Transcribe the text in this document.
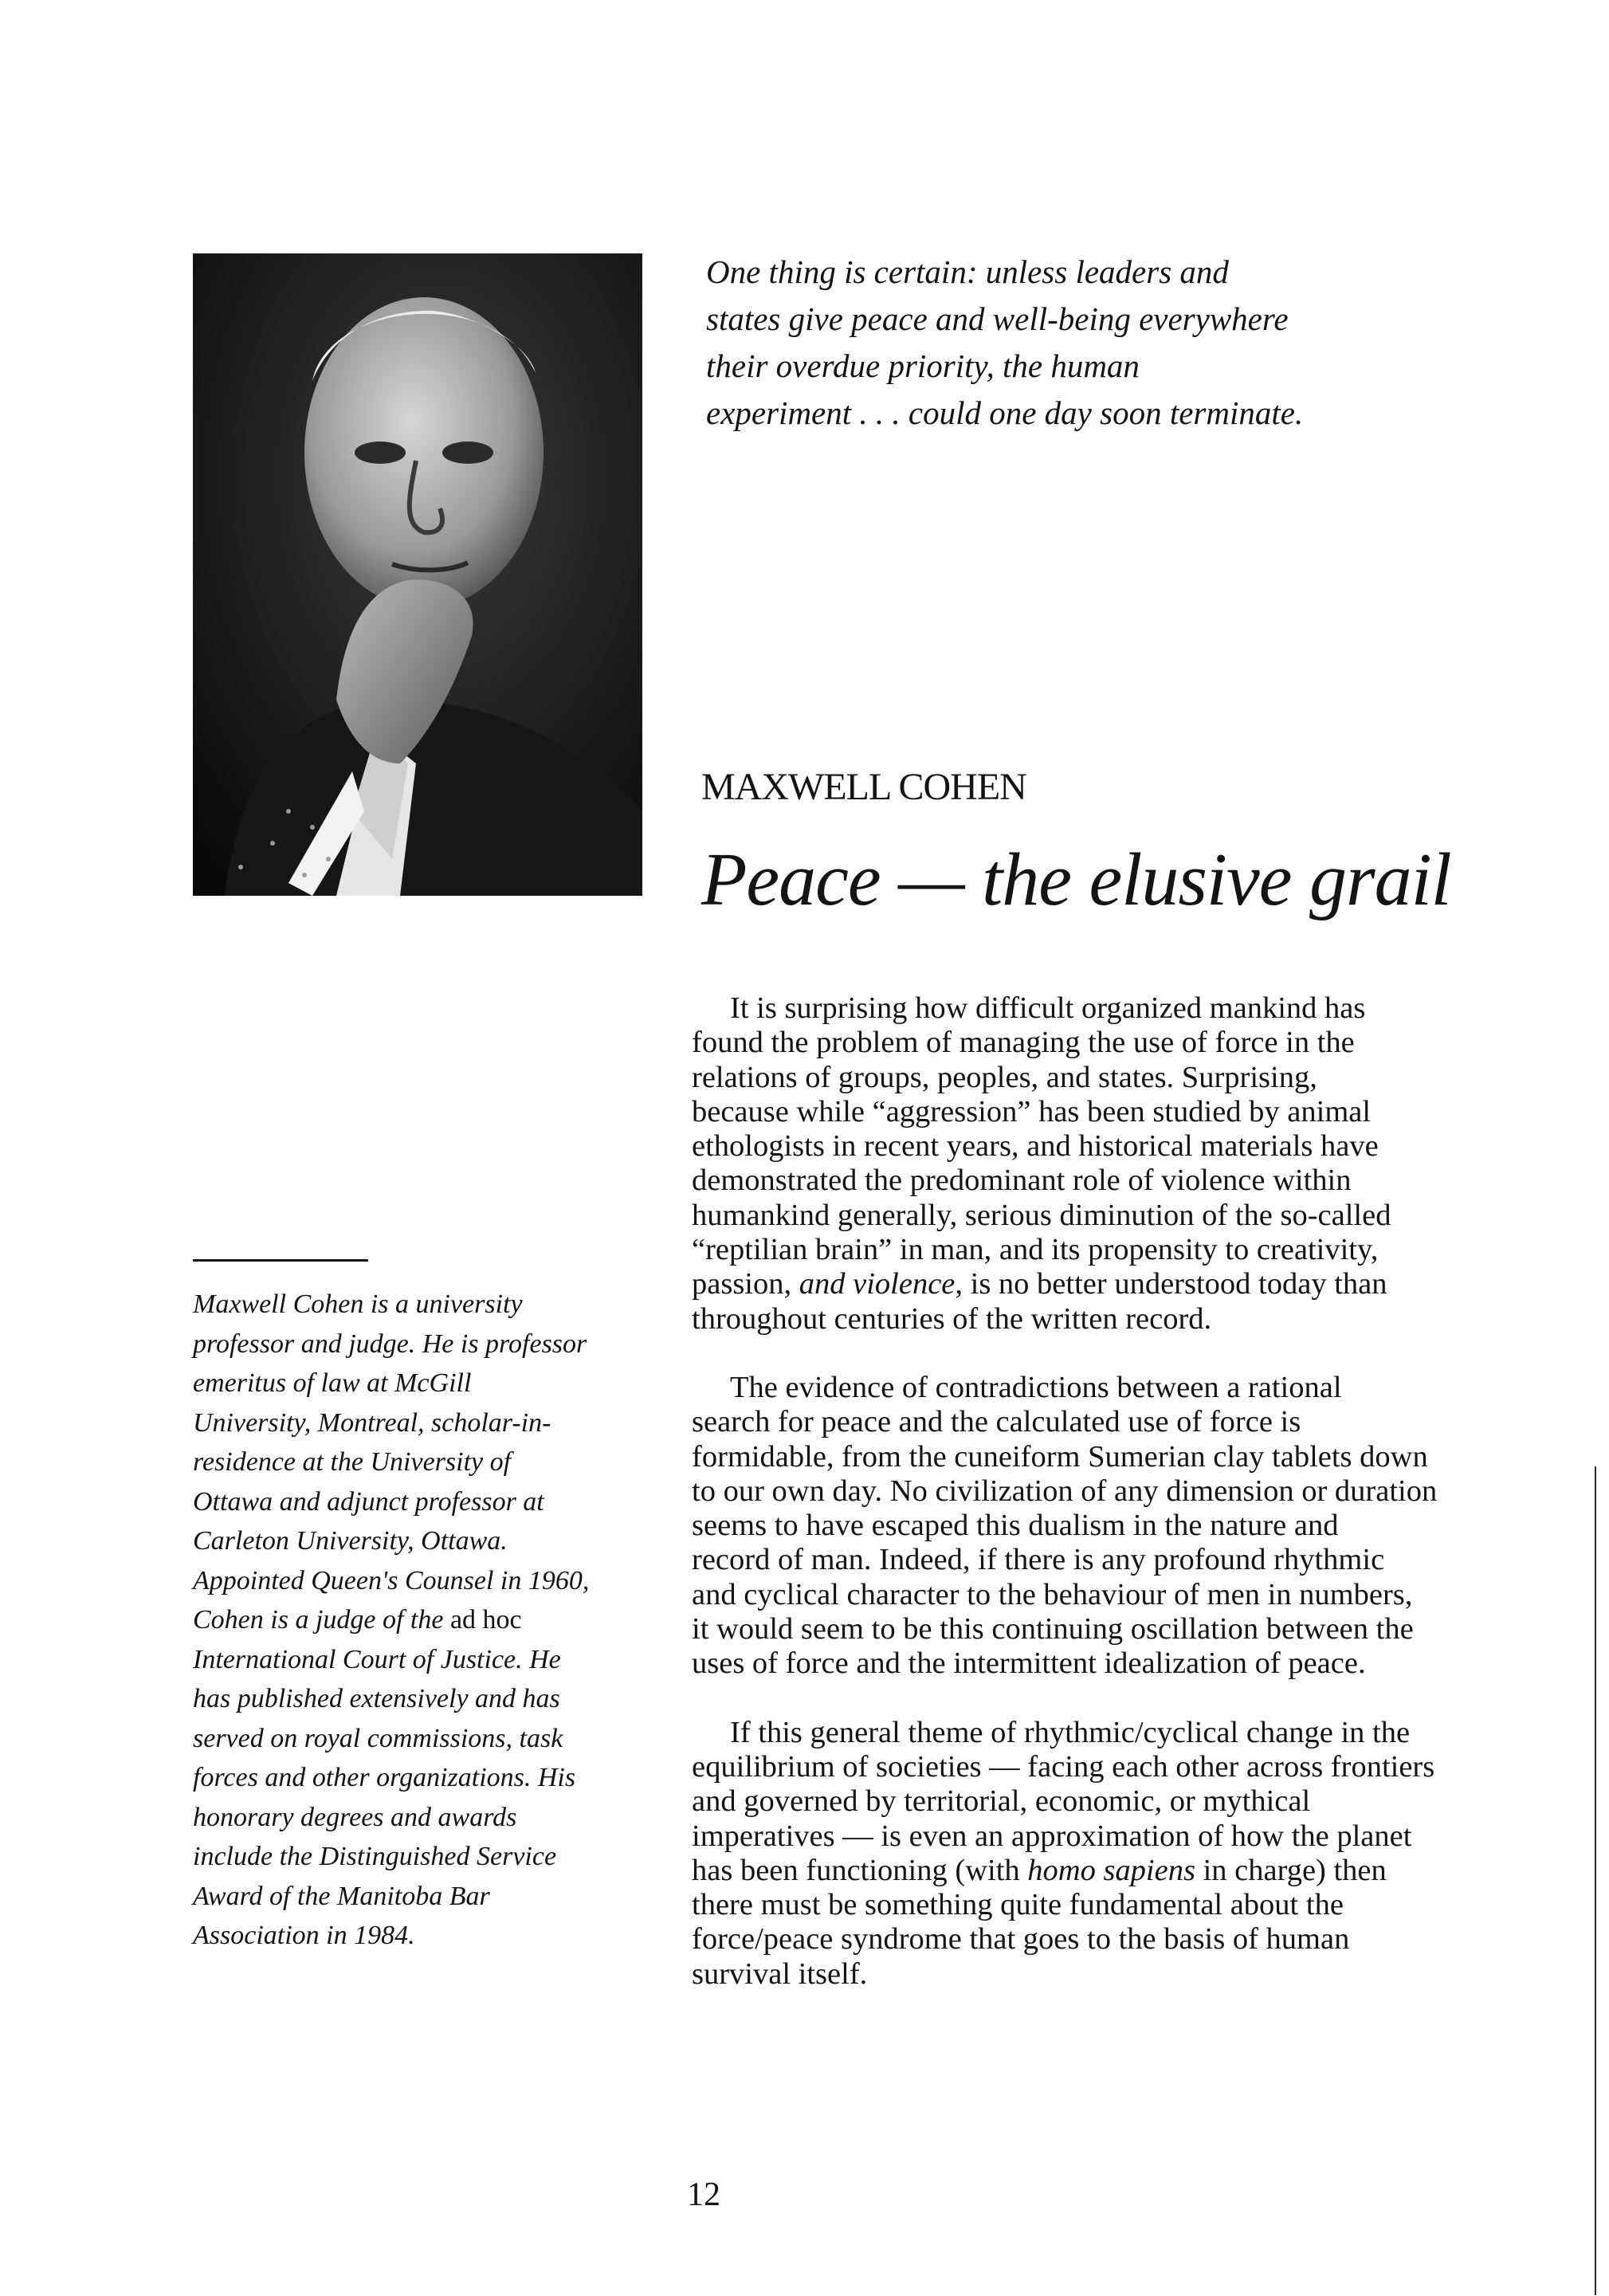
One thing is certain: unless leaders and
states give peace and well-being everywhere
their overdue priority, the human
experiment . . . could one day soon terminate.
MAXWELL COHEN
Peace — the elusive grail
Maxwell Cohen is a university
professor and judge. He is professor
emeritus of law at McGill
University, Montreal, scholar-in-
residence at the University of
Ottawa and adjunct professor at
Carleton University, Ottawa.
Appointed Queen's Counsel in 1960,
Cohen is a judge of the ad hoc
International Court of Justice. He
has published extensively and has
served on royal commissions, task
forces and other organizations. His
honorary degrees and awards
include the Distinguished Service
Award of the Manitoba Bar
Association in 1984.
It is surprising how difficult organized mankind has
found the problem of managing the use of force in the
relations of groups, peoples, and states. Surprising,
because while “aggression” has been studied by animal
ethologists in recent years, and historical materials have
demonstrated the predominant role of violence within
humankind generally, serious diminution of the so-called
“reptilian brain” in man, and its propensity to creativity,
passion, and violence, is no better understood today than
throughout centuries of the written record.
The evidence of contradictions between a rational
search for peace and the calculated use of force is
formidable, from the cuneiform Sumerian clay tablets down
to our own day. No civilization of any dimension or duration
seems to have escaped this dualism in the nature and
record of man. Indeed, if there is any profound rhythmic
and cyclical character to the behaviour of men in numbers,
it would seem to be this continuing oscillation between the
uses of force and the intermittent idealization of peace.
If this general theme of rhythmic/cyclical change in the
equilibrium of societies — facing each other across frontiers
and governed by territorial, economic, or mythical
imperatives — is even an approximation of how the planet
has been functioning (with homo sapiens in charge) then
there must be something quite fundamental about the
force/peace syndrome that goes to the basis of human
survival itself.
12
